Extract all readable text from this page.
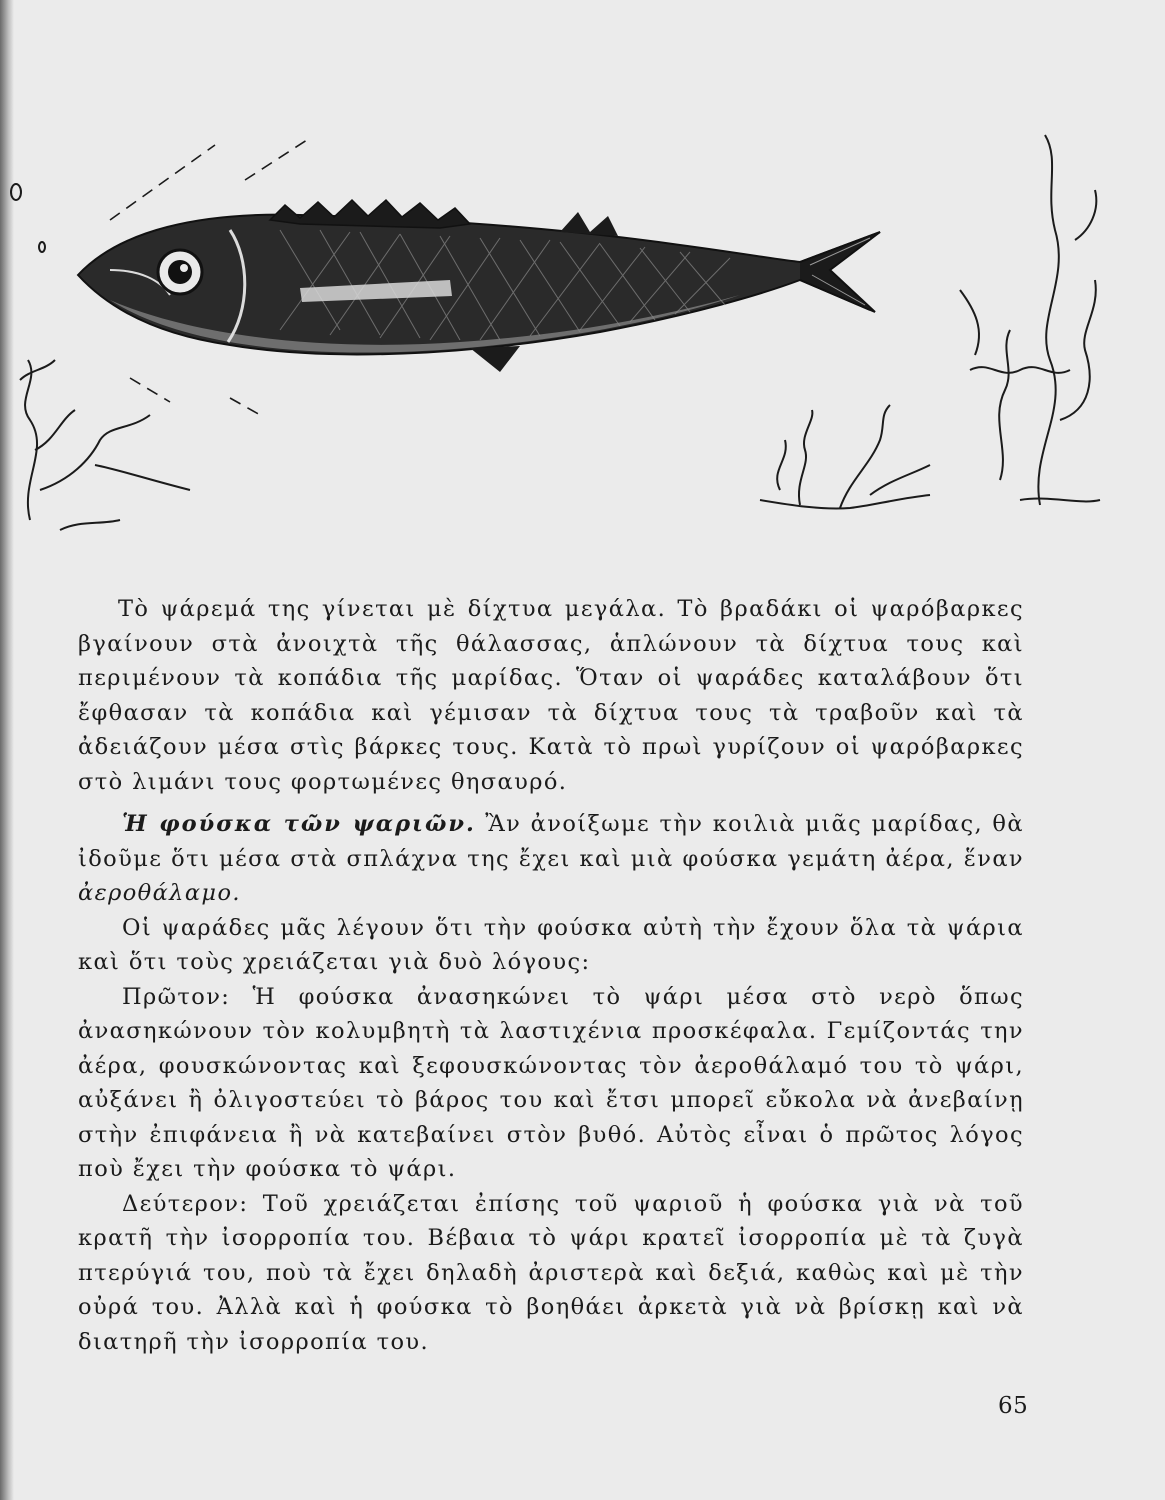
Τὸ ψάρεμά της γίνεται μὲ δίχτυα μεγάλα. Τὸ βραδάκι οἱ ψαρόβαρκες βγαίνουν στὰ ἀνοιχτὰ τῆς θάλασσας, ἁπλώνουν τὰ δίχτυα τους καὶ περιμένουν τὰ κοπάδια τῆς μαρίδας. Ὅταν οἱ ψαράδες καταλάβουν ὅτι ἔφθασαν τὰ κοπάδια καὶ γέμισαν τὰ δίχτυα τους τὰ τραβοῦν καὶ τὰ ἀδειάζουν μέσα στὶς βάρκες τους. Κατὰ τὸ πρωὶ γυρίζουν οἱ ψαρόβαρκες στὸ λιμάνι τους φορτωμένες θησαυρό.

Ἡ φούσκα τῶν ψαριῶν. Ἂν ἀνοίξωμε τὴν κοιλιὰ μιᾶς μαρίδας, θὰ ἰδοῦμε ὅτι μέσα στὰ σπλάχνα της ἔχει καὶ μιὰ φούσκα γεμάτη ἀέρα, ἕναν ἀεροθάλαμο.

Οἱ ψαράδες μᾶς λέγουν ὅτι τὴν φούσκα αὐτὴ τὴν ἔχουν ὅλα τὰ ψάρια καὶ ὅτι τοὺς χρειάζεται γιὰ δυὸ λόγους:

Πρῶτον: Ἡ φούσκα ἀνασηκώνει τὸ ψάρι μέσα στὸ νερὸ ὅπως ἀνασηκώνουν τὸν κολυμβητὴ τὰ λαστιχένια προσκέφαλα. Γεμίζοντάς την ἀέρα, φουσκώνοντας καὶ ξεφουσκώνοντας τὸν ἀεροθάλαμό του τὸ ψάρι, αὐξάνει ἢ ὀλιγοστεύει τὸ βάρος του καὶ ἔτσι μπορεῖ εὔκολα νὰ ἀνεβαίνῃ στὴν ἐπιφάνεια ἢ νὰ κατεβαίνει στὸν βυθό. Αὐτὸς εἶναι ὁ πρῶτος λόγος ποὺ ἔχει τὴν φούσκα τὸ ψάρι.

Δεύτερον: Τοῦ χρειάζεται ἐπίσης τοῦ ψαριοῦ ἡ φούσκα γιὰ νὰ τοῦ κρατῆ τὴν ἰσορροπία του. Βέβαια τὸ ψάρι κρατεῖ ἰσορροπία μὲ τὰ ζυγὰ πτερύγιά του, ποὺ τὰ ἔχει δηλαδὴ ἀριστερὰ καὶ δεξιά, καθὼς καὶ μὲ τὴν οὐρά του. Ἀλλὰ καὶ ἡ φούσκα τὸ βοηθάει ἀρκετὰ γιὰ νὰ βρίσκῃ καὶ νὰ διατηρῆ τὴν ἰσορροπία του.

65
